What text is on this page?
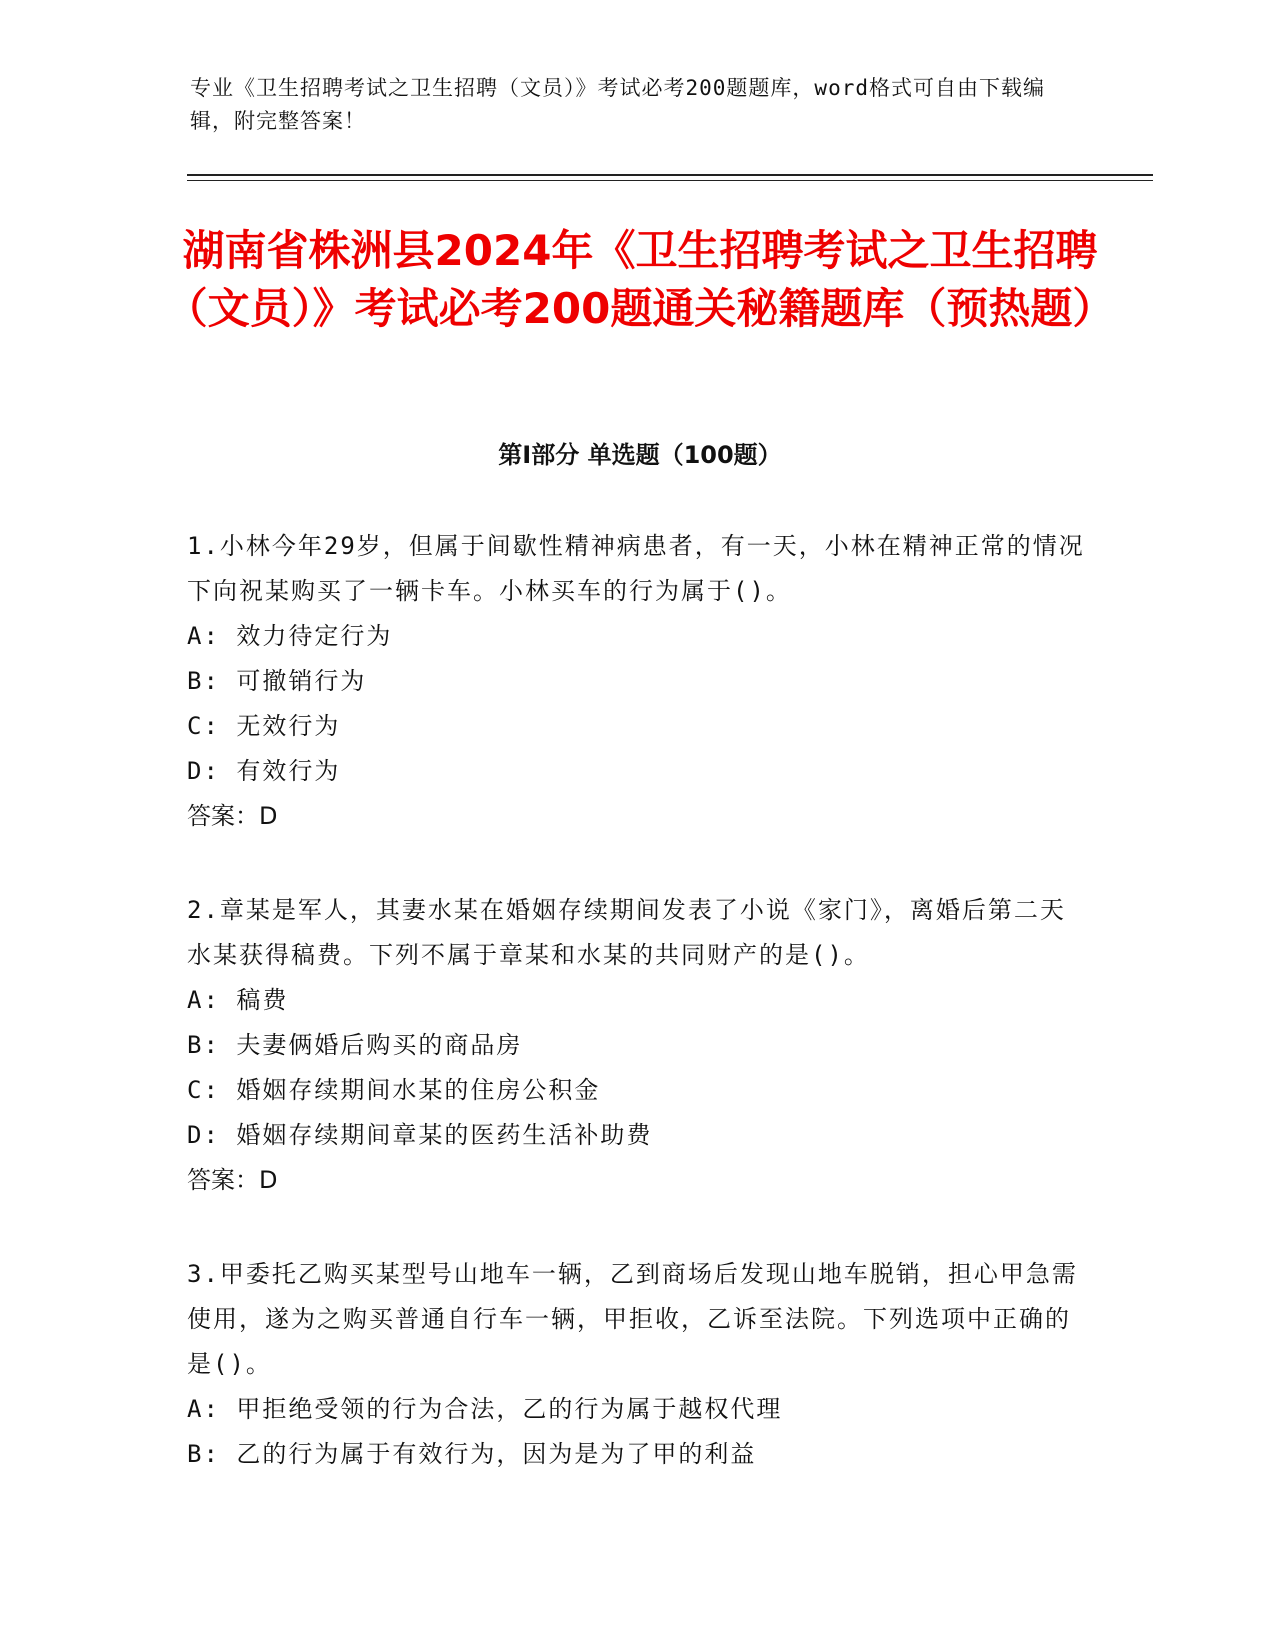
专业《卫生招聘考试之卫生招聘（文员）》考试必考200题题库，word格式可自由下载编辑，附完整答案！
湖南省株洲县2024年《卫生招聘考试之卫生招聘（文员）》考试必考200题通关秘籍题库（预热题）
第Ⅰ部分 单选题（100题）
1.小林今年29岁，但属于间歇性精神病患者，有一天，小林在精神正常的情况下向祝某购买了一辆卡车。小林买车的行为属于()。
A: 效力待定行为
B: 可撤销行为
C: 无效行为
D: 有效行为
答案：D
2.章某是军人，其妻水某在婚姻存续期间发表了小说《家门》，离婚后第二天水某获得稿费。下列不属于章某和水某的共同财产的是()。
A: 稿费
B: 夫妻俩婚后购买的商品房
C: 婚姻存续期间水某的住房公积金
D: 婚姻存续期间章某的医药生活补助费
答案：D
3.甲委托乙购买某型号山地车一辆，乙到商场后发现山地车脱销，担心甲急需使用，遂为之购买普通自行车一辆，甲拒收，乙诉至法院。下列选项中正确的是()。
A: 甲拒绝受领的行为合法，乙的行为属于越权代理
B: 乙的行为属于有效行为，因为是为了甲的利益
